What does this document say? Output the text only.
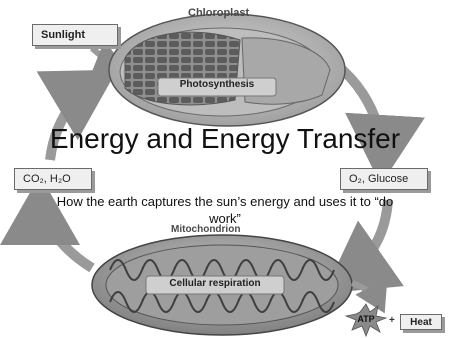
Sunlight
Chloroplast
Photosynthesis
CO₂, H₂O	O₂, Glucose
Mitochondrion
Cellular respiration
ATP	+	Heat
Energy and Energy Transfer
How the earth captures the sun’s energy and uses it to “do work”
